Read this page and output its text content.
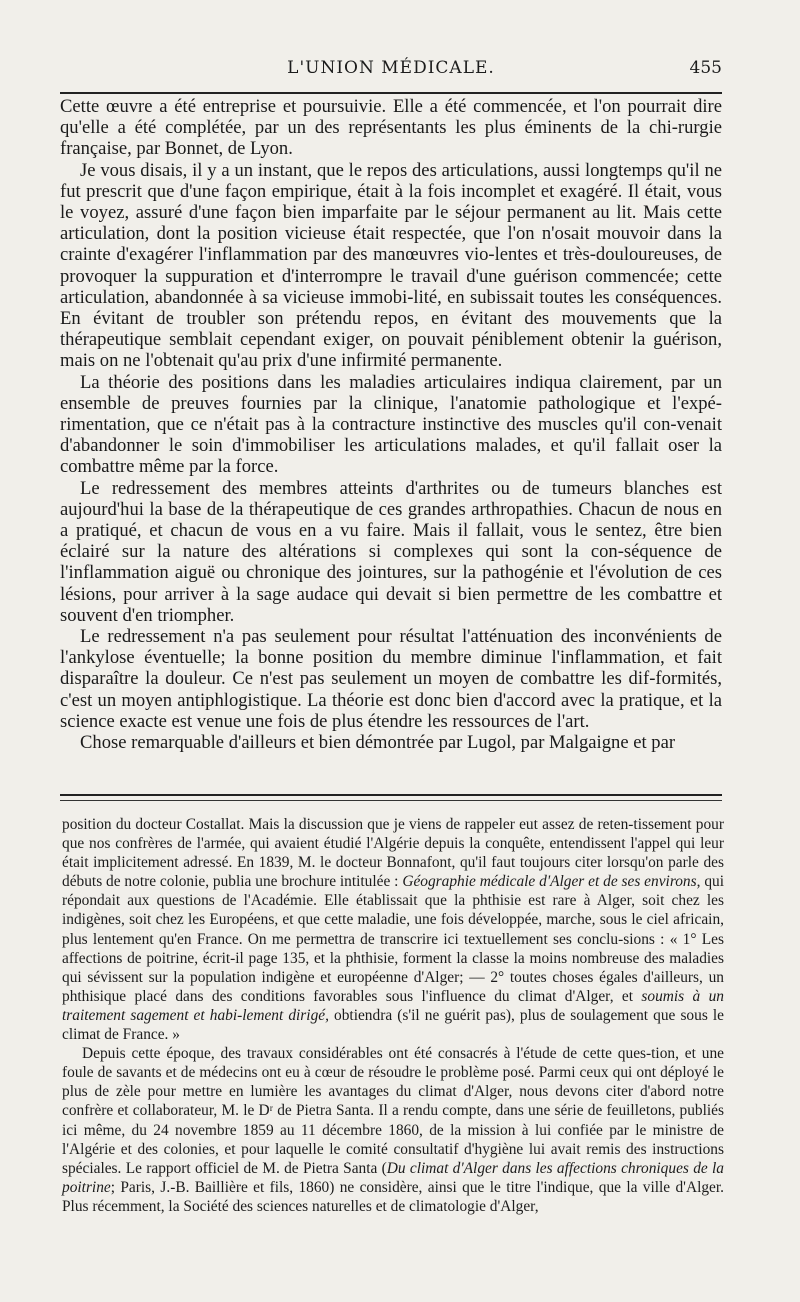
L'UNION MÉDICALE.	455

Cette œuvre a été entreprise et poursuivie. Elle a été commencée, et l'on pourrait dire qu'elle a été complétée, par un des représentants les plus éminents de la chi-rurgie française, par Bonnet, de Lyon.

Je vous disais, il y a un instant, que le repos des articulations, aussi longtemps qu'il ne fut prescrit que d'une façon empirique, était à la fois incomplet et exagéré. Il était, vous le voyez, assuré d'une façon bien imparfaite par le séjour permanent au lit. Mais cette articulation, dont la position vicieuse était respectée, que l'on n'osait mouvoir dans la crainte d'exagérer l'inflammation par des manœuvres vio-lentes et très-douloureuses, de provoquer la suppuration et d'interrompre le travail d'une guérison commencée; cette articulation, abandonnée à sa vicieuse immobi-lité, en subissait toutes les conséquences. En évitant de troubler son prétendu repos, en évitant des mouvements que la thérapeutique semblait cependant exiger, on pouvait péniblement obtenir la guérison, mais on ne l'obtenait qu'au prix d'une infirmité permanente.

La théorie des positions dans les maladies articulaires indiqua clairement, par un ensemble de preuves fournies par la clinique, l'anatomie pathologique et l'expé-rimentation, que ce n'était pas à la contracture instinctive des muscles qu'il con-venait d'abandonner le soin d'immobiliser les articulations malades, et qu'il fallait oser la combattre même par la force.

Le redressement des membres atteints d'arthrites ou de tumeurs blanches est aujourd'hui la base de la thérapeutique de ces grandes arthropathies. Chacun de nous en a pratiqué, et chacun de vous en a vu faire. Mais il fallait, vous le sentez, être bien éclairé sur la nature des altérations si complexes qui sont la con-séquence de l'inflammation aiguë ou chronique des jointures, sur la pathogénie et l'évolution de ces lésions, pour arriver à la sage audace qui devait si bien permettre de les combattre et souvent d'en triompher.

Le redressement n'a pas seulement pour résultat l'atténuation des inconvénients de l'ankylose éventuelle; la bonne position du membre diminue l'inflammation, et fait disparaître la douleur. Ce n'est pas seulement un moyen de combattre les dif-formités, c'est un moyen antiphlogistique. La théorie est donc bien d'accord avec la pratique, et la science exacte est venue une fois de plus étendre les ressources de l'art.

Chose remarquable d'ailleurs et bien démontrée par Lugol, par Malgaigne et par

position du docteur Costallat. Mais la discussion que je viens de rappeler eut assez de reten-tissement pour que nos confrères de l'armée, qui avaient étudié l'Algérie depuis la conquête, entendissent l'appel qui leur était implicitement adressé. En 1839, M. le docteur Bonnafont, qu'il faut toujours citer lorsqu'on parle des débuts de notre colonie, publia une brochure intitulée : Géographie médicale d'Alger et de ses environs, qui répondait aux questions de l'Académie. Elle établissait que la phthisie est rare à Alger, soit chez les indigènes, soit chez les Européens, et que cette maladie, une fois développée, marche, sous le ciel africain, plus lentement qu'en France. On me permettra de transcrire ici textuellement ses conclu-sions : « 1° Les affections de poitrine, écrit-il page 135, et la phthisie, forment la classe la moins nombreuse des maladies qui sévissent sur la population indigène et européenne d'Alger; — 2° toutes choses égales d'ailleurs, un phthisique placé dans des conditions favorables sous l'influence du climat d'Alger, et soumis à un traitement sagement et habi-lement dirigé, obtiendra (s'il ne guérit pas), plus de soulagement que sous le climat de France. »

Depuis cette époque, des travaux considérables ont été consacrés à l'étude de cette ques-tion, et une foule de savants et de médecins ont eu à cœur de résoudre le problème posé. Parmi ceux qui ont déployé le plus de zèle pour mettre en lumière les avantages du climat d'Alger, nous devons citer d'abord notre confrère et collaborateur, M. le Dʳ de Pietra Santa. Il a rendu compte, dans une série de feuilletons, publiés ici même, du 24 novembre 1859 au 11 décembre 1860, de la mission à lui confiée par le ministre de l'Algérie et des colonies, et pour laquelle le comité consultatif d'hygiène lui avait remis des instructions spéciales. Le rapport officiel de M. de Pietra Santa (Du climat d'Alger dans les affections chroniques de la poitrine; Paris, J.-B. Baillière et fils, 1860) ne considère, ainsi que le titre l'indique, que la ville d'Alger. Plus récemment, la Société des sciences naturelles et de climatologie d'Alger,
